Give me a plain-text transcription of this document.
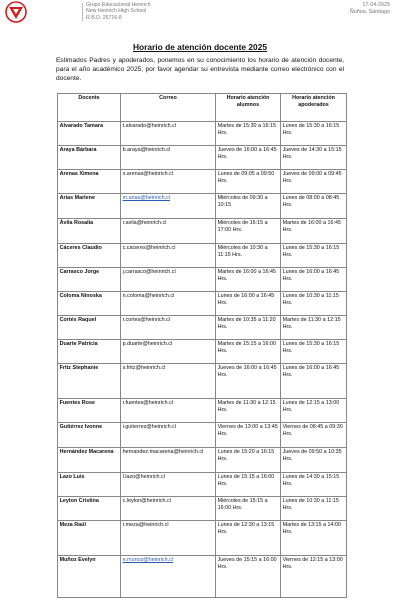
Grupo Educacional Heinrich
New Heinrich High School
R.B.D. 25716-8
17-04-2025
Ñuñoa, Santiago
Horario de atención docente 2025
Estimados Padres y apoderados, ponemos en su conocimiento los horario de atención docente, para el año académico 2025; por favor agendar su entrevista mediante correo electrónico con el docente.
Docente	Correo	Horario atención alumnos	Horario atención apoderados
Alvarado Tamara	t.alvarado@heinrich.cl	Martes de 15:30 a 16:15 Hrs.	Lunes de 15:30 a 16:15 Hrs.
Araya Bárbara	b.araya@heinrich.cl	Jueves de 16:00 a 16:45 Hrs.	Jueves de 14:30 a 15:15 Hrs.
Arenas Ximena	x.arenas@heinrich.cl	Lunes de 09:05 a 09:50 Hrs.	Jueves de 09:00 a 09:45 Hrs.
Arias Marlene	m.arias@heinrich.cl	Miércoles de 09:30 a 10:15	Lunes de 08:00 a 08:45 Hrs.
Ávila Rosalía	r.avila@heinrich.cl	Miércoles de 16:15 a 17:00 Hrs.	Martes de 16:00 a 16:45 Hrs.
Cáceres Claudio	c.caceres@heinrich.cl	Miércoles de 10:30 a 11:15 Hrs.	Lunes de 15:30 a 16:15 Hrs.
Carrasco Jorge	j.carrasco@heinrich.cl	Martes de 16:00 a 16:45 Hrs.	Lunes de 16:00 a 16:45 Hrs.
Coloma Ninoska	n.coloma@heinrich.cl	Lunes de 16:00 a 16:45 Hrs.	Lunes de 10:30 a 11:15 Hrs.
Cortés Raquel	r.cortes@heinrich.cl	Martes de 10:35 a 11:20 Hrs.	Martes de 11:30 a 12:15 Hrs.
Duarte Patricia	p.duarte@heinrich.cl	Martes de 15:15 a 16:00 Hrs.	Lunes de 15:30 a 16:15 Hrs.
Fritz Stephanie	s.fritz@heinrich.cl	Jueves de 16:00 a 16:45 Hrs.	Lunes de 16:00 a 16:45 Hrs.
Fuentes Rose	r.fuentes@heinrich.cl	Martes de 11:30 a 12:15 Hrs.	Lunes de 12:15 a 13:00 Hrs.
Gutiérrez Ivonne	i.gutierrez@heinrich.cl	Viernes de 13:00 a 13:45 Hrs.	Viernes de 08:45 a 09:30 Hrs.
Hernández Macarena	hernandez.macarena@heinrich.cl	Lunes de 15:20 a 16:15 Hrs.	Jueves de 09:50 a 10:35 Hrs.
Lazo Luis	l.lazo@heinrich.cl	Lunes de 15:15 a 16:00 Hrs.	Lunes de 14:30 a 15:15 Hrs.
Leyton Cristina	c.leyton@heinrich.cl	Miércoles de 15:15 a 16:00 Hrs.	Lunes de 10:30 a 11:15 Hrs.
Meza Raúl	r.meza@heinrich.cl	Lunes de 12:30 a 13:15 Hrs.	Martes de 13:15 a 14:00 Hrs.
Muñoz Evelyn	e.munoz@heinrich.cl	Jueves de 15:15 a 16:00 Hrs.	Viernes de 12:15 a 13:00 Hrs.
